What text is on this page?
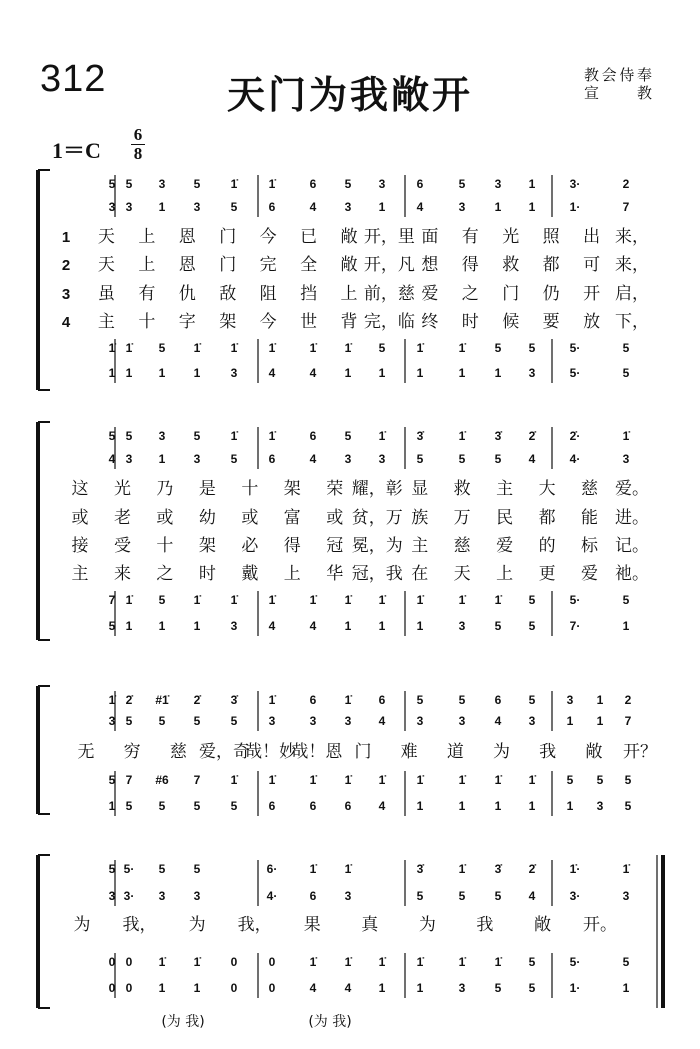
312	天门为我敞开	教会侍奉
宣　　教
1＝C
6
8
5 5 3 5	1̇	1̇	6 5 3	6	5 3 1	3·	2
3 3 1 3	5	6	4 3 1	4	3 1 1	1·	7
1 天 上 恩 门 今 已 敞 开，里 面 有 光 照 出 来，
2 天 上 恩 门 完 全 敞 开，凡 想 得 救 都 可 来，
3 虽 有 仇 敌 阻 挡 上 前，慈 爱 之 门 仍 开 启，
4 主 十 字 架 今 世 背 完，临 终 时 候 要 放 下，
1̇ 1̇ 5 1̇	1̇	1̇	1̇ 1̇ 5	1̇	1̇ 5 5	5·	5
1 1 1 1	3	4	4 1 1	1	1 1 3	5·	5
5 5 3 5	1̇	1̇	6 5 1̇	3̇	1̇ 3̇ 2̇	2̇·	1̇
4 3 1 3	5	6	4 3 3	5	5 5 4	4·	3
这 光 乃 是 十 架 荣 耀，彰 显 救 主 大 慈 爱。
或 老 或 幼 或 富 或 贫，万 族 万 民 都 能 进。
接 受 十 架 必 得 冠 冕，为 主 慈 爱 的 标 记。
主 来 之 时 戴 上 华 冠，我 在 天 上 更 爱 祂。
7 1̇ 5 1̇	1̇	1̇	1̇ 1̇ 1̇	1̇	1̇ 1̇ 5	5·	5
5 1 1 1	3	4	4 1 1	1	3 5 5	7·	1
1̇ 2̇ #1̇ 2̇	3̇	1̇	6 1̇ 6	5	5 6 5	3 1 2
3 5 5 5	5	3	3 3 4	3	3 4 3	1 1 7
无 穷 慈 爱，奇
哉！妙
哉！恩 门 难 道 为 我 敞 开？
5 7 #6 7	1̇	1̇	1̇ 1̇ 1̇	1̇	1̇ 1̇ 1̇	5 5 5
1 5 5 5	5	6	6 6 4	1	1 1 1	1 3 5
5 5· 5 5	6·	1̇ 1̇	3̇	1̇ 3̇ 2̇	1̇·	1̇
3 3· 3 3	4·	6 3	5	5 5 4	3·	3
为 我， 为 我， 果 真 为 我 敞 开。
0 0 1̇ 1̇	0	0	1̇ 1̇ 1̇	1̇	1̇ 1̇ 5	5·	5
0 0 1 1	0	0	4 4 1	1	3 5 5	1·	1
(为 我)	(为 我)
